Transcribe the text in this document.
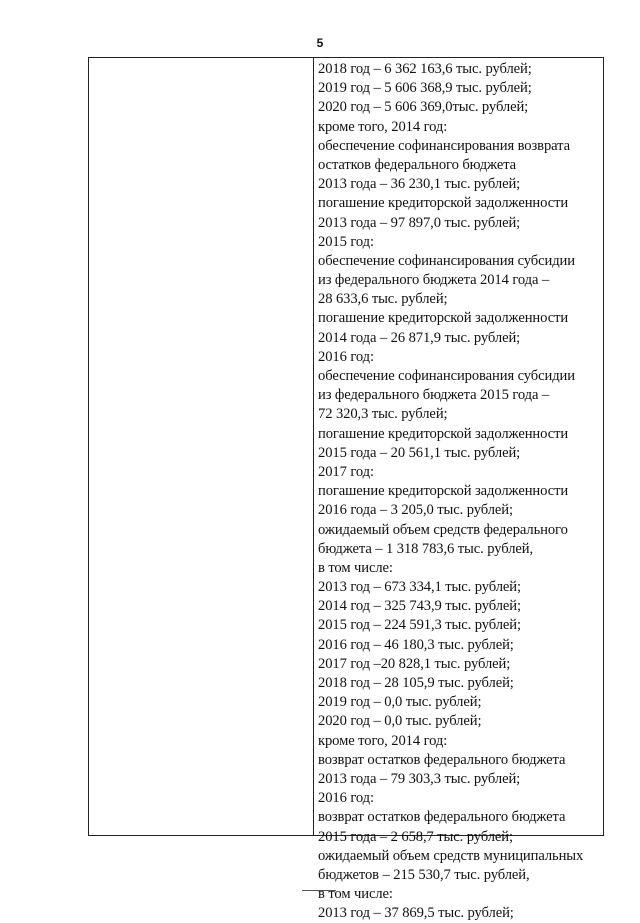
5
2018 год – 6 362 163,6 тыс. рублей;
2019 год – 5 606 368,9 тыс. рублей;
2020 год – 5 606 369,0тыс. рублей;
кроме того, 2014 год:
обеспечение софинансирования возврата
остатков федерального бюджета
2013 года – 36 230,1 тыс. рублей;
погашение кредиторской задолженности
2013 года – 97 897,0 тыс. рублей;
2015 год:
обеспечение софинансирования субсидии
из федерального бюджета 2014 года –
28 633,6 тыс. рублей;
погашение кредиторской задолженности
2014 года – 26 871,9 тыс. рублей;
2016 год:
обеспечение софинансирования субсидии
из федерального бюджета 2015 года –
72 320,3 тыс. рублей;
погашение кредиторской задолженности
2015 года – 20 561,1 тыс. рублей;
2017 год:
погашение кредиторской задолженности
2016 года – 3 205,0 тыс. рублей;
ожидаемый объем средств федерального
бюджета – 1 318 783,6 тыс. рублей,
в том числе:
2013 год – 673 334,1 тыс. рублей;
2014 год – 325 743,9 тыс. рублей;
2015 год – 224 591,3 тыс. рублей;
2016 год – 46 180,3 тыс. рублей;
2017 год –20 828,1 тыс. рублей;
2018 год – 28 105,9 тыс. рублей;
2019 год – 0,0 тыс. рублей;
2020 год – 0,0 тыс. рублей;
кроме того, 2014 год:
возврат остатков федерального бюджета
2013 года – 79 303,3 тыс. рублей;
2016 год:
возврат остатков федерального бюджета
2015 года – 2 658,7 тыс. рублей;
ожидаемый объем средств муниципальных
бюджетов – 215 530,7 тыс. рублей,
в том числе:
2013 год – 37 869,5 тыс. рублей;
